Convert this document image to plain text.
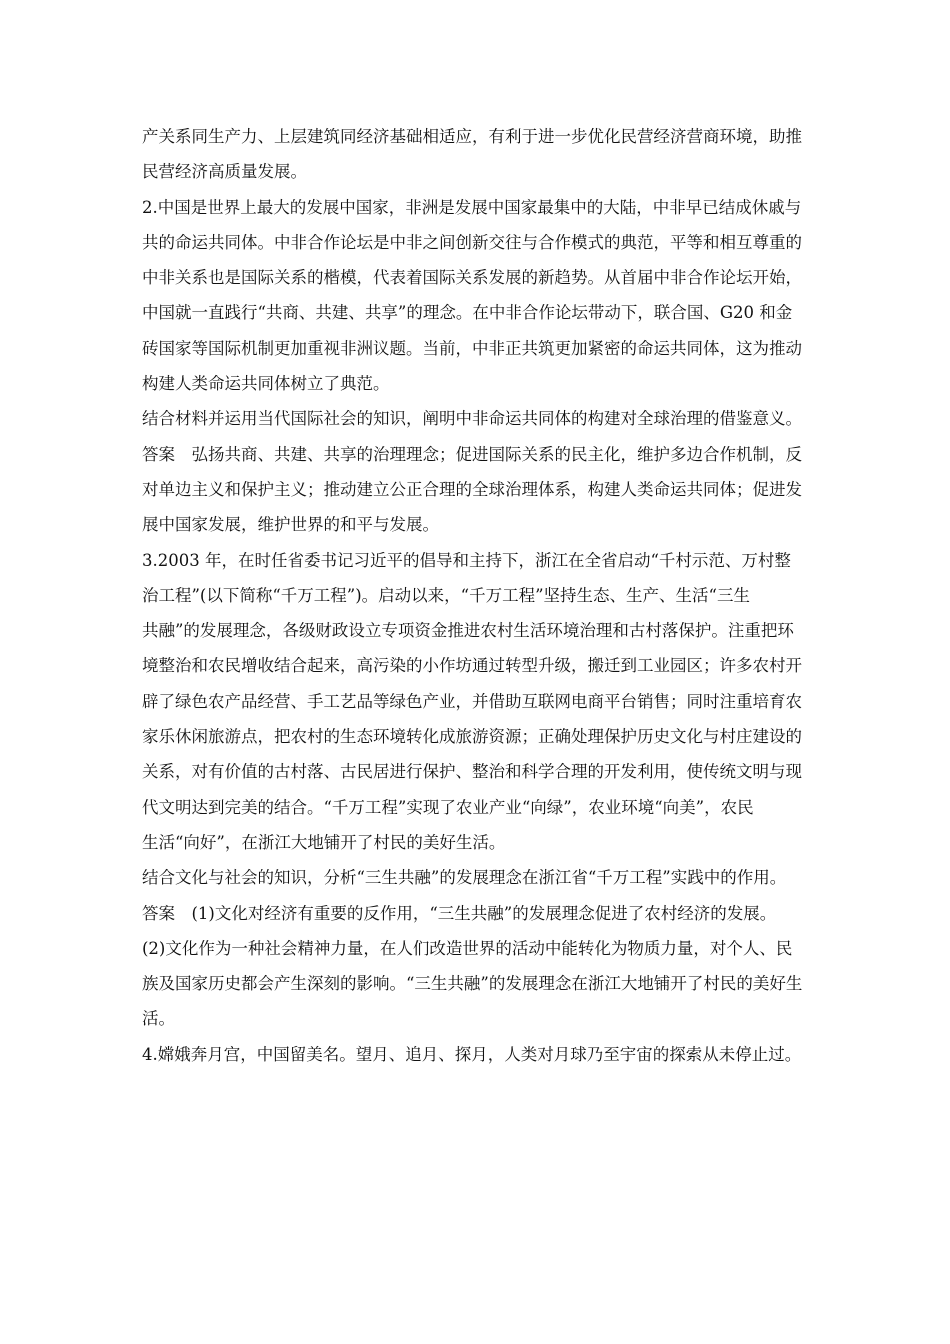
产关系同生产力、上层建筑同经济基础相适应，有利于进一步优化民营经济营商环境，助推
民营经济高质量发展。
2.中国是世界上最大的发展中国家，非洲是发展中国家最集中的大陆，中非早已结成休戚与
共的命运共同体。中非合作论坛是中非之间创新交往与合作模式的典范，平等和相互尊重的
中非关系也是国际关系的楷模，代表着国际关系发展的新趋势。从首届中非合作论坛开始，
中国就一直践行“共商、共建、共享”的理念。在中非合作论坛带动下，联合国、G20 和金
砖国家等国际机制更加重视非洲议题。当前，中非正共筑更加紧密的命运共同体，这为推动
构建人类命运共同体树立了典范。
结合材料并运用当代国际社会的知识，阐明中非命运共同体的构建对全球治理的借鉴意义。
答案　弘扬共商、共建、共享的治理理念；促进国际关系的民主化，维护多边合作机制，反
对单边主义和保护主义；推动建立公正合理的全球治理体系，构建人类命运共同体；促进发
展中国家发展，维护世界的和平与发展。
3.2003 年，在时任省委书记习近平的倡导和主持下，浙江在全省启动“千村示范、万村整
治工程”(以下简称“千万工程”)。启动以来，“千万工程”坚持生态、生产、生活“三生
共融”的发展理念，各级财政设立专项资金推进农村生活环境治理和古村落保护。注重把环
境整治和农民增收结合起来，高污染的小作坊通过转型升级，搬迁到工业园区；许多农村开
辟了绿色农产品经营、手工艺品等绿色产业，并借助互联网电商平台销售；同时注重培育农
家乐休闲旅游点，把农村的生态环境转化成旅游资源；正确处理保护历史文化与村庄建设的
关系，对有价值的古村落、古民居进行保护、整治和科学合理的开发利用，使传统文明与现
代文明达到完美的结合。“千万工程”实现了农业产业“向绿”，农业环境“向美”，农民
生活“向好”，在浙江大地铺开了村民的美好生活。
结合文化与社会的知识，分析“三生共融”的发展理念在浙江省“千万工程”实践中的作用。
答案　(1)文化对经济有重要的反作用，“三生共融”的发展理念促进了农村经济的发展。
(2)文化作为一种社会精神力量，在人们改造世界的活动中能转化为物质力量，对个人、民
族及国家历史都会产生深刻的影响。“三生共融”的发展理念在浙江大地铺开了村民的美好生
活。
4.嫦娥奔月宫，中国留美名。望月、追月、探月，人类对月球乃至宇宙的探索从未停止过。
